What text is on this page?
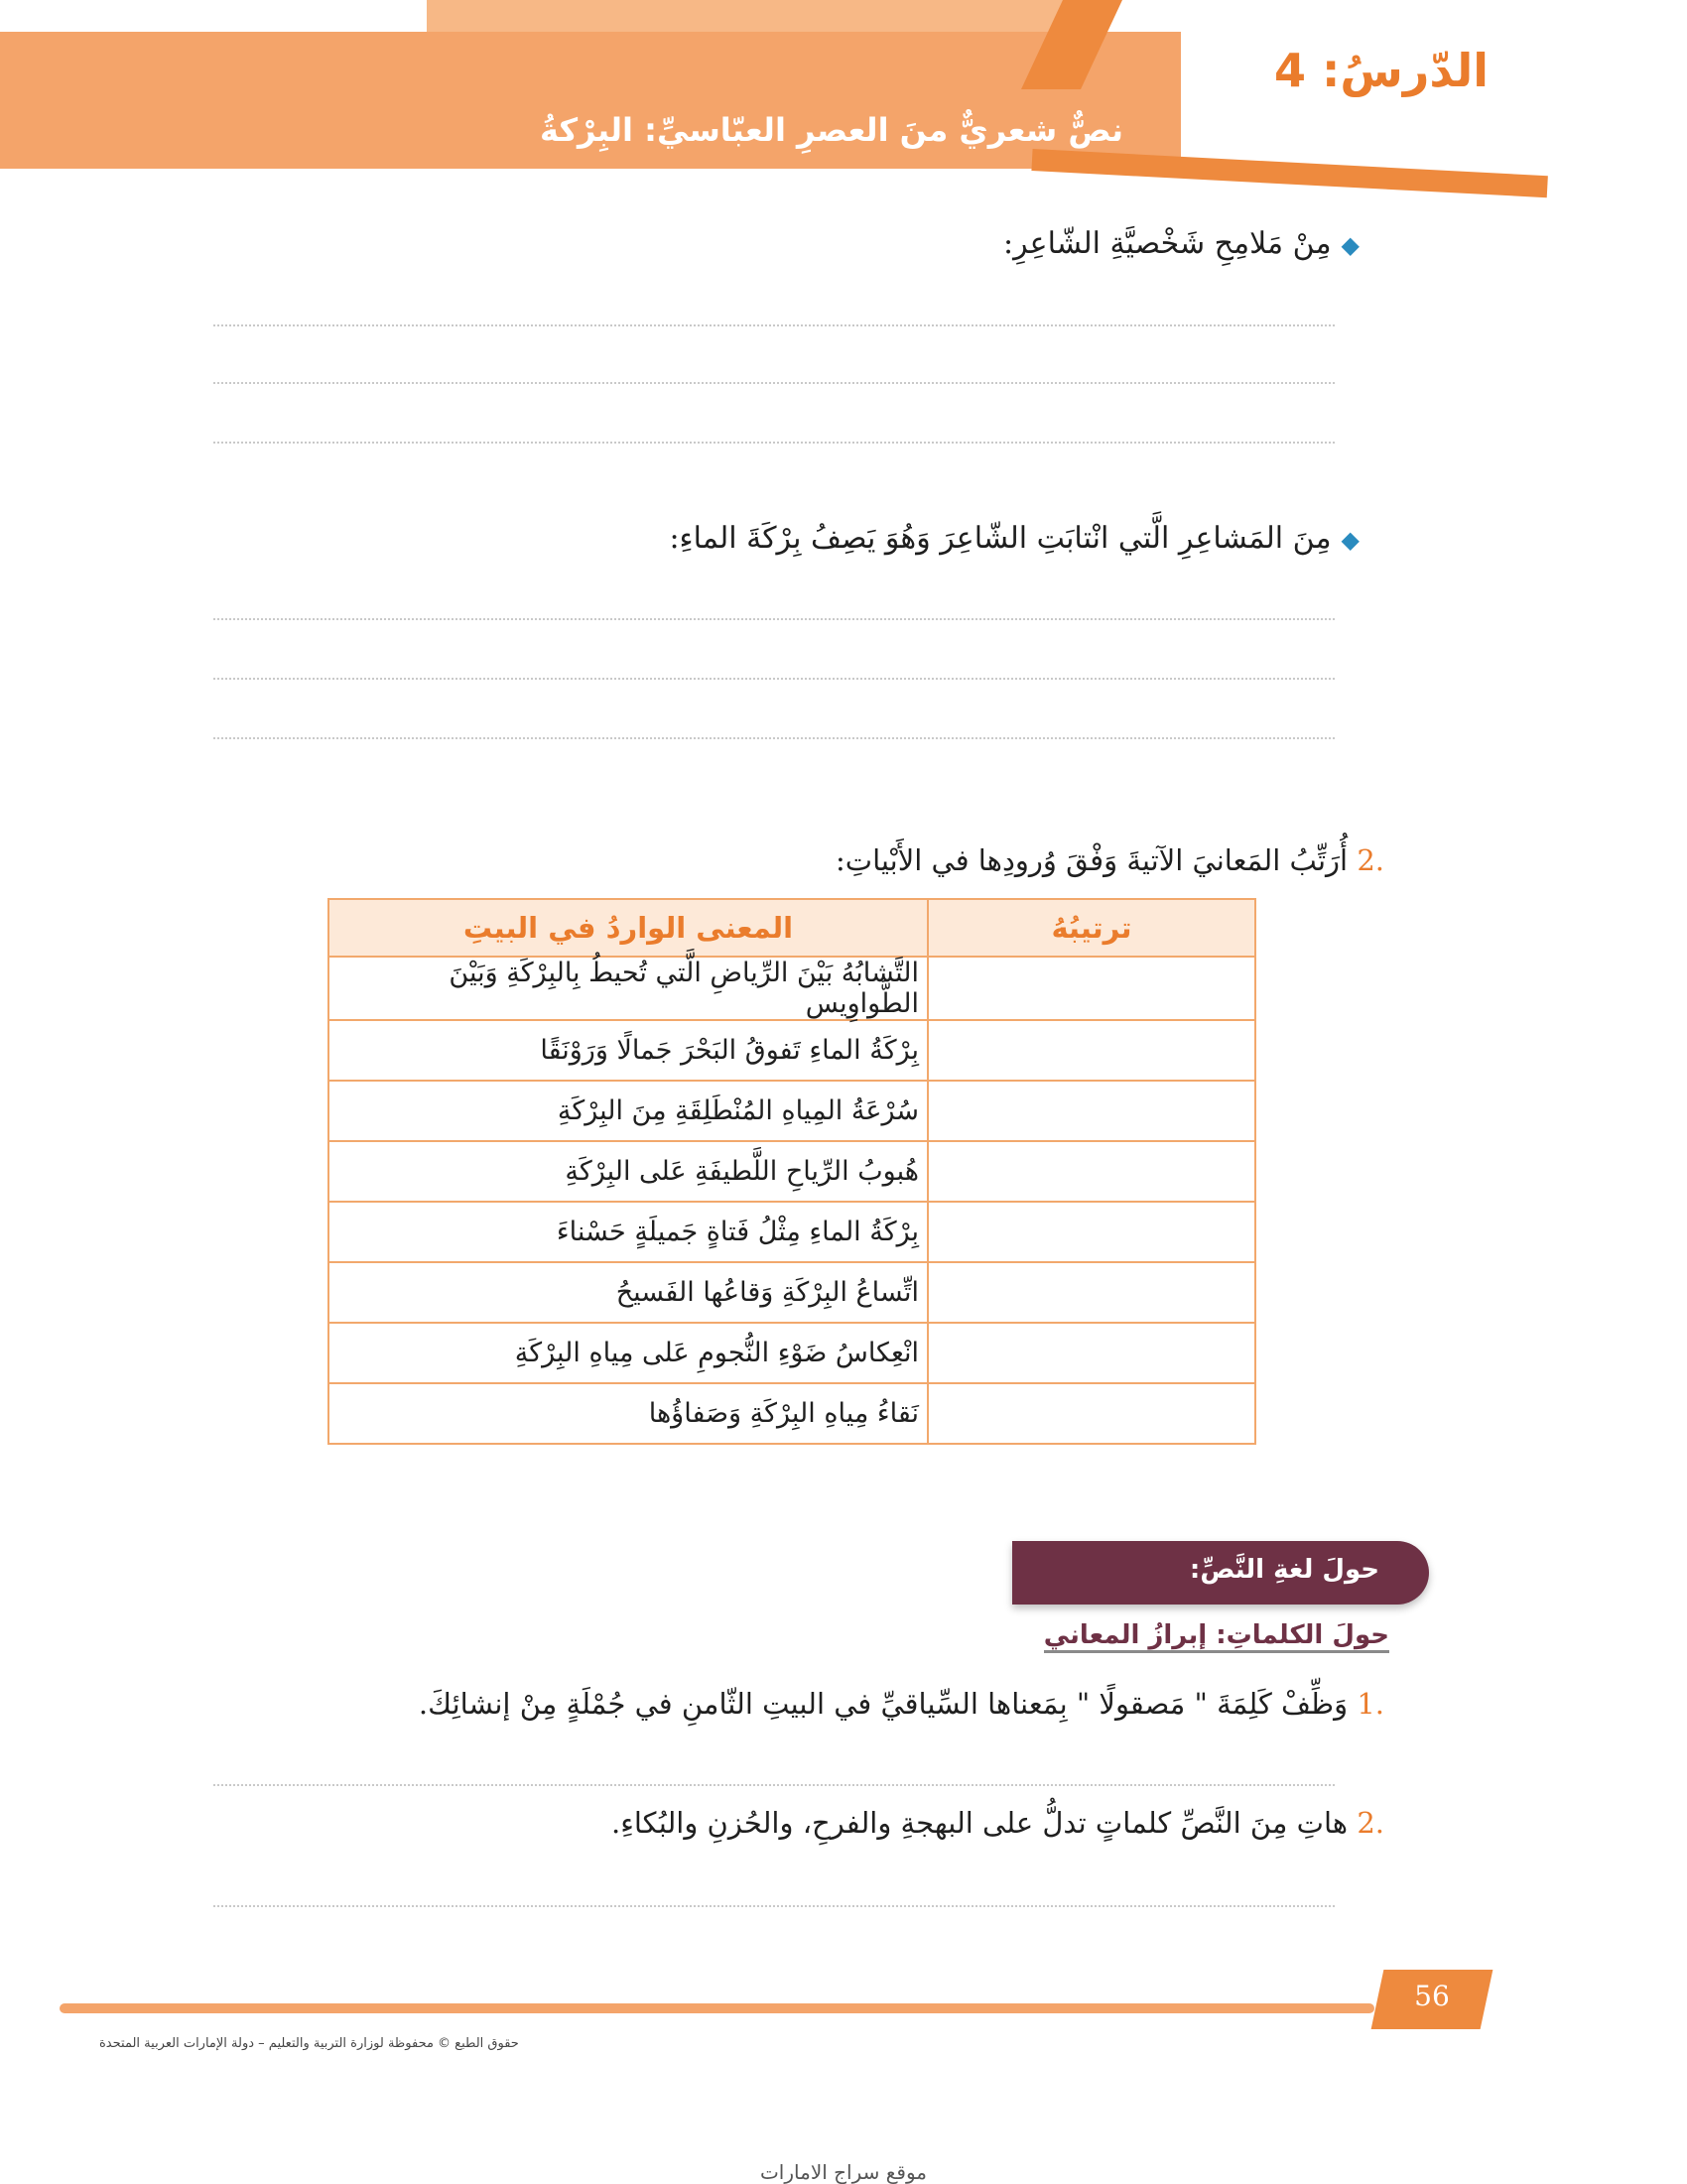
الدّرسُ: 4
نصٌّ شعريٌّ منَ العصرِ العبّاسيِّ: البِرْكةُ
◆مِنْ مَلامِحِ شَخْصيَّةِ الشّاعِرِ:
◆مِنَ المَشاعِرِ الَّتي انْتابَتِ الشّاعِرَ وَهُوَ يَصِفُ بِرْكَةَ الماءِ:
.2 أُرَتِّبُ المَعانيَ الآتيةَ وَفْقَ وُرودِها في الأَبْياتِ:
ترتيبُهُ	المعنى الواردُ في البيتِ
	التَّشابُهُ بَيْنَ الرِّياضِ الَّتي تُحيطُ بِالبِرْكَةِ وَبَيْنَ الطَّواوِيس
	بِرْكَةُ الماءِ تَفوقُ البَحْرَ جَمالًا وَرَوْنَقًا
	سُرْعَةُ المِياهِ المُنْطَلِقَةِ مِنَ البِرْكَةِ
	هُبوبُ الرِّياحِ اللَّطيفَةِ عَلى البِرْكَةِ
	بِرْكَةُ الماءِ مِثْلُ فَتاةٍ جَميلَةٍ حَسْناءَ
	اتِّساعُ البِرْكَةِ وَقاعُها الفَسيحُ
	انْعِكاسُ ضَوْءِ النُّجومِ عَلى مِياهِ البِرْكَةِ
	نَقاءُ مِياهِ البِرْكَةِ وَصَفاؤُها
حولَ لغةِ النَّصِّ:
حولَ الكلماتِ: إبرازُ المعاني
.1 وَظِّفْ كَلِمَةَ " مَصقولًا " بِمَعناها السِّياقيِّ في البيتِ الثّامنِ في جُمْلَةٍ مِنْ إنشائِكَ.
.2 هاتِ مِنَ النَّصِّ كلماتٍ تدلُّ على البهجةِ والفرحِ، والحُزنِ والبُكاءِ.
56
حقوق الطبع © محفوظة لوزارة التربية والتعليم – دولة الإمارات العربية المتحدة
موقع سراج الامارات
